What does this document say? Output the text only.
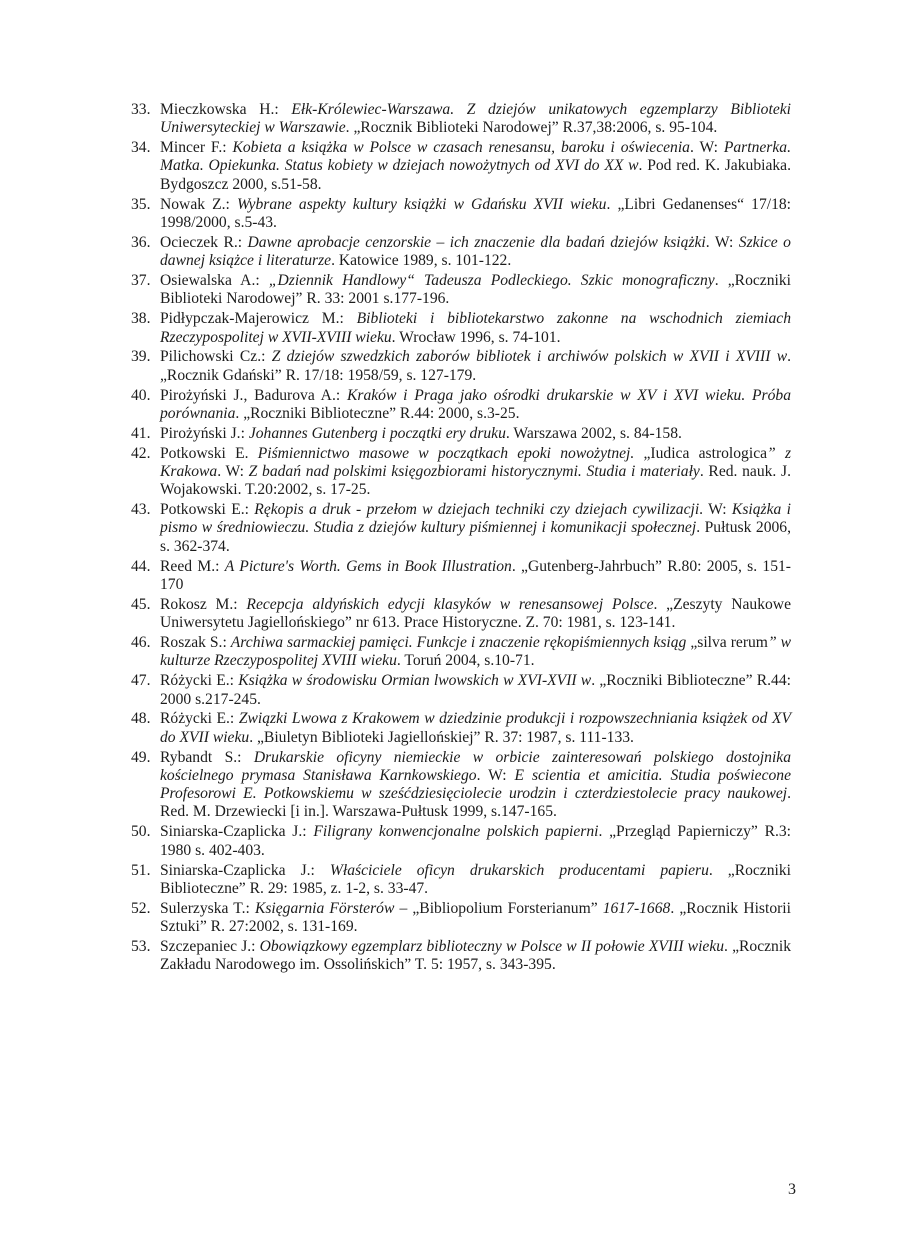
33. Mieczkowska H.: Ełk-Królewiec-Warszawa. Z dziejów unikatowych egzemplarzy Biblioteki Uniwersyteckiej w Warszawie. „Rocznik Biblioteki Narodowej” R.37,38:2006, s. 95-104.
34. Mincer F.: Kobieta a książka w Polsce w czasach renesansu, baroku i oświecenia. W: Partnerka. Matka. Opiekunka. Status kobiety w dziejach nowożytnych od XVI do XX w. Pod red. K. Jakubiaka. Bydgoszcz 2000, s.51-58.
35. Nowak Z.: Wybrane aspekty kultury książki w Gdańsku XVII wieku. „Libri Gedanenses“ 17/18: 1998/2000, s.5-43.
36. Ocieczek R.: Dawne aprobacje cenzorskie – ich znaczenie dla badań dziejów książki. W: Szkice o dawnej książce i literaturze. Katowice 1989, s. 101-122.
37. Osiewalska A.: „Dziennik Handlowy“ Tadeusza Podleckiego. Szkic monograficzny. „Roczniki Biblioteki Narodowej” R. 33: 2001 s.177-196.
38. Pidłypczak-Majerowicz M.: Biblioteki i bibliotekarstwo zakonne na wschodnich ziemiach Rzeczypospolitej w XVII-XVIII wieku. Wrocław 1996, s. 74-101.
39. Pilichowski Cz.: Z dziejów szwedzkich zaborów bibliotek i archiwów polskich w XVII i XVIII w. „Rocznik Gdański” R. 17/18: 1958/59, s. 127-179.
40. Pirożyński J., Badurova A.: Kraków i Praga jako ośrodki drukarskie w XV i XVI wieku. Próba porównania. „Roczniki Biblioteczne” R.44: 2000, s.3-25.
41. Pirożyński J.: Johannes Gutenberg i początki ery druku. Warszawa 2002, s. 84-158.
42. Potkowski E. Piśmiennictwo masowe w początkach epoki nowożytnej. „Iudica astrologica” z Krakowa. W: Z badań nad polskimi księgozbiorami historycznymi. Studia i materiały. Red. nauk. J. Wojakowski. T.20:2002, s. 17-25.
43. Potkowski E.: Rękopis a druk - przełom w dziejach techniki czy dziejach cywilizacji. W: Książka i pismo w średniowieczu. Studia z dziejów kultury piśmiennej i komunikacji społecznej. Pułtusk 2006, s. 362-374.
44. Reed M.: A Picture's Worth. Gems in Book Illustration. „Gutenberg-Jahrbuch” R.80: 2005, s. 151-170
45. Rokosz M.: Recepcja aldyńskich edycji klasyków w renesansowej Polsce. „Zeszyty Naukowe Uniwersytetu Jagiellońskiego” nr 613. Prace Historyczne. Z. 70: 1981, s. 123-141.
46. Roszak S.: Archiwa sarmackiej pamięci. Funkcje i znaczenie rękopiśmiennych ksiąg „silva rerum” w kulturze Rzeczypospolitej XVIII wieku. Toruń 2004, s.10-71.
47. Różycki E.: Książka w środowisku Ormian lwowskich w XVI-XVII w. „Roczniki Biblioteczne” R.44: 2000 s.217-245.
48. Różycki E.: Związki Lwowa z Krakowem w dziedzinie produkcji i rozpowszechniania książek od XV do XVII wieku. „Biuletyn Biblioteki Jagiellońskiej” R. 37: 1987, s. 111-133.
49. Rybandt S.: Drukarskie oficyny niemieckie w orbicie zainteresowań polskiego dostojnika kościelnego prymasa Stanisława Karnkowskiego. W: E scientia et amicitia. Studia poświecone Profesorowi E. Potkowskiemu w sześćdziesięciolecie urodzin i czterdziestolecie pracy naukowej. Red. M. Drzewiecki [i in.]. Warszawa-Pułtusk 1999, s.147-165.
50. Siniarska-Czaplicka J.: Filigrany konwencjonalne polskich papierni. „Przegląd Papierniczy” R.3: 1980 s. 402-403.
51. Siniarska-Czaplicka J.: Właściciele oficyn drukarskich producentami papieru. „Roczniki Biblioteczne” R. 29: 1985, z. 1-2, s. 33-47.
52. Sulerzyska T.: Księgarnia Försterów – „Bibliopolium Forsterianum” 1617-1668. „Rocznik Historii Sztuki” R. 27:2002, s. 131-169.
53. Szczepaniec J.: Obowiązkowy egzemplarz biblioteczny w Polsce w II połowie XVIII wieku. „Rocznik Zakładu Narodowego im. Ossolińskich” T. 5: 1957, s. 343-395.
3
